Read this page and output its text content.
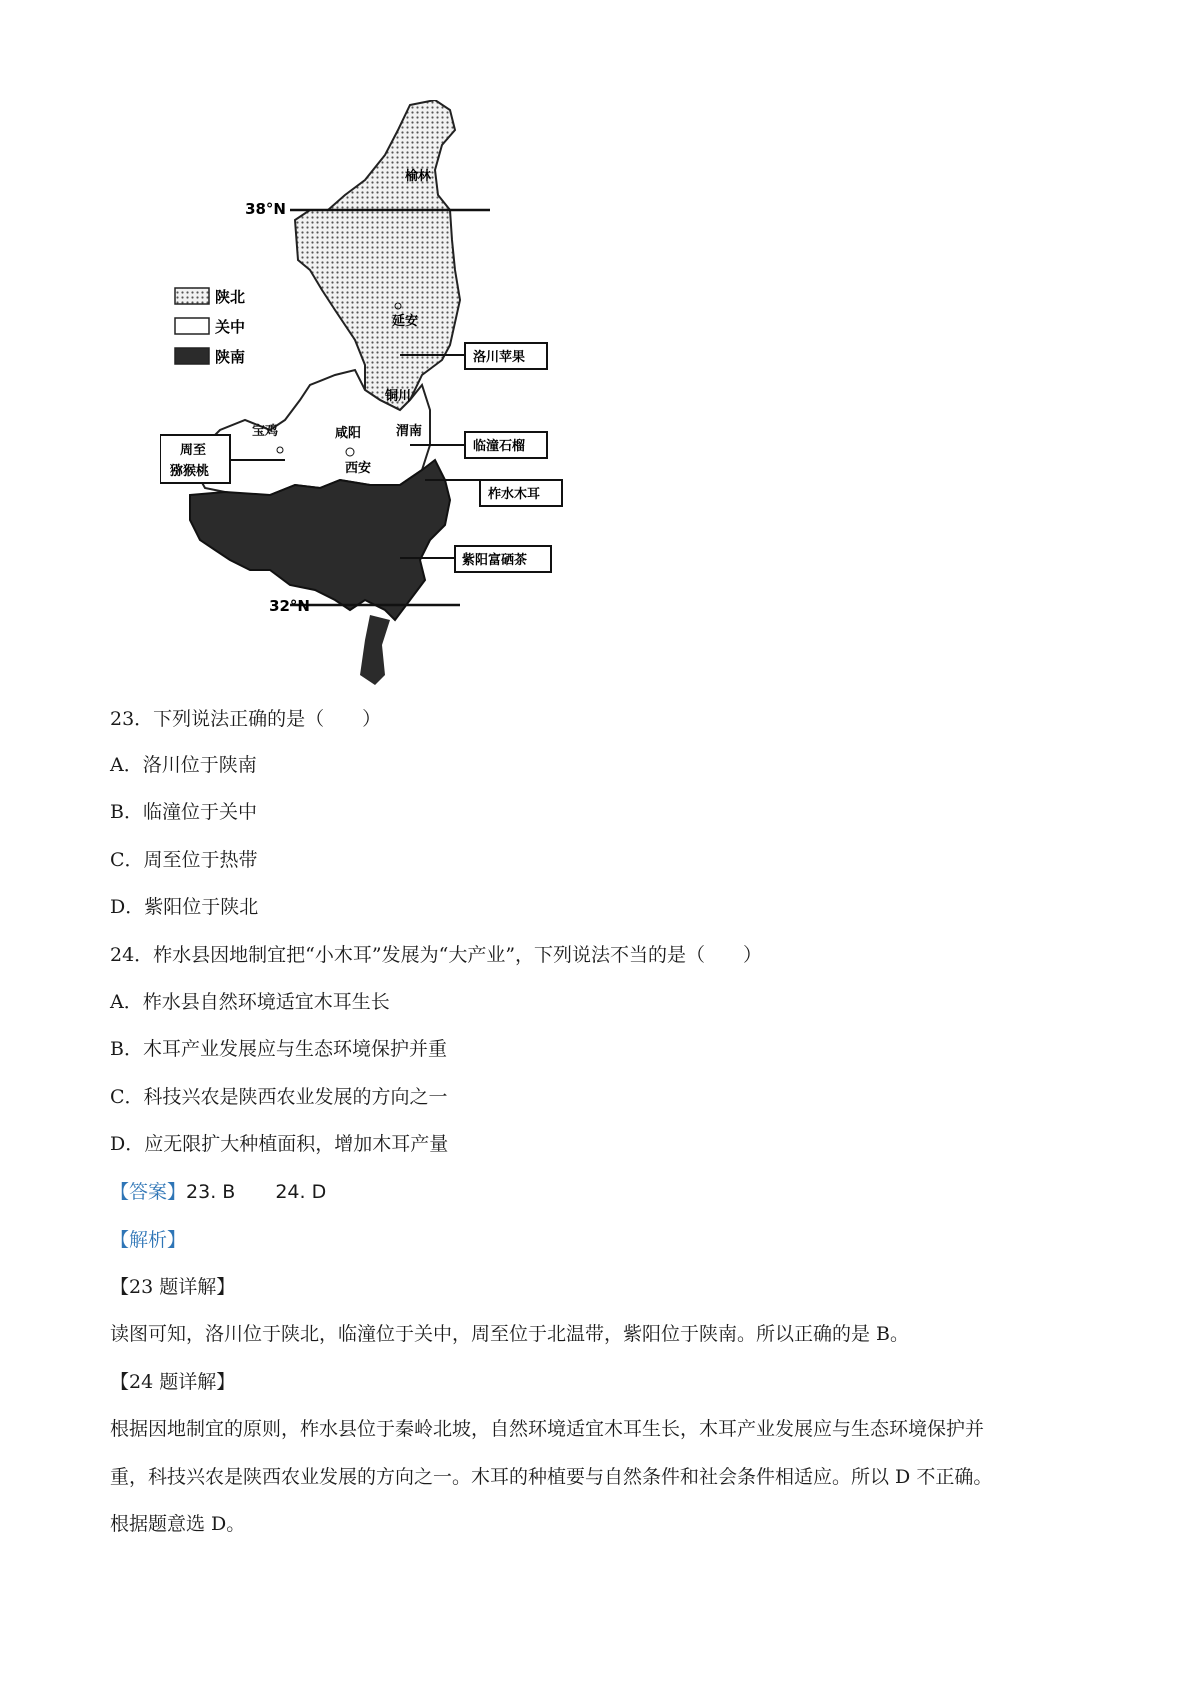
38°N
32°N
陕北
关中
陕南
榆林
延安
铜川
宝鸡	咸阳	渭南
西安
洛川苹果
临潼石榴
柞水木耳
紫阳富硒茶
周至
猕猴桃
23．下列说法正确的是（　　）
A．洛川位于陕南
B．临潼位于关中
C．周至位于热带
D．紫阳位于陕北
24．柞水县因地制宜把“小木耳”发展为“大产业”，下列说法不当的是（　　）
A．柞水县自然环境适宜木耳生长
B．木耳产业发展应与生态环境保护并重
C．科技兴农是陕西农业发展的方向之一
D．应无限扩大种植面积，增加木耳产量
【答案】23. B 24. D
【解析】
【23 题详解】
读图可知，洛川位于陕北，临潼位于关中，周至位于北温带，紫阳位于陕南。所以正确的是 B。
【24 题详解】
根据因地制宜的原则，柞水县位于秦岭北坡，自然环境适宜木耳生长，木耳产业发展应与生态环境保护并
重，科技兴农是陕西农业发展的方向之一。木耳的种植要与自然条件和社会条件相适应。所以 D 不正确。
根据题意选 D。
